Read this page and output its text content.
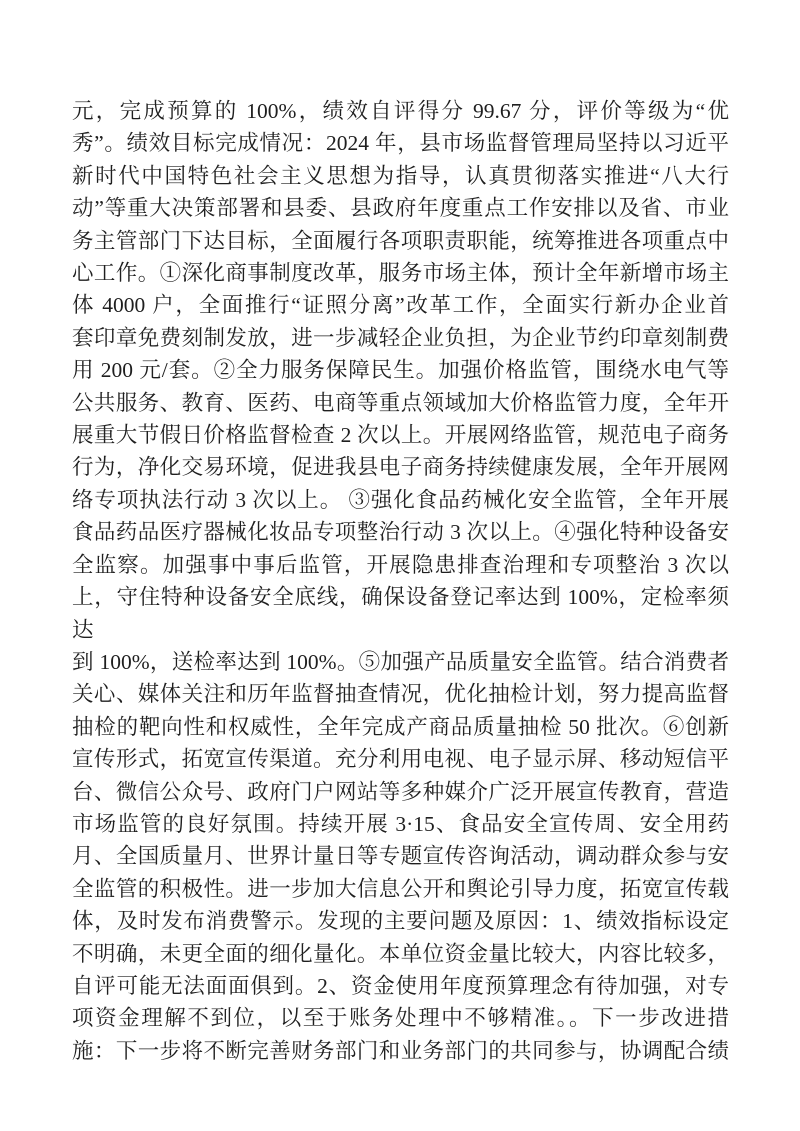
元，完成预算的 100%，绩效自评得分 99.67 分，评价等级为“优
秀”。绩效目标完成情况：2024 年，县市场监督管理局坚持以习近平
新时代中国特色社会主义思想为指导，认真贯彻落实推进“八大行
动”等重大决策部署和县委、县政府年度重点工作安排以及省、市业
务主管部门下达目标，全面履行各项职责职能，统筹推进各项重点中
心工作。①深化商事制度改革，服务市场主体，预计全年新增市场主
体 4000 户，全面推行“证照分离”改革工作，全面实行新办企业首
套印章免费刻制发放，进一步减轻企业负担，为企业节约印章刻制费
用 200 元/套。②全力服务保障民生。加强价格监管，围绕水电气等
公共服务、教育、医药、电商等重点领域加大价格监管力度，全年开
展重大节假日价格监督检查 2 次以上。开展网络监管，规范电子商务
行为，净化交易环境，促进我县电子商务持续健康发展，全年开展网
络专项执法行动 3 次以上。 ③强化食品药械化安全监管，全年开展
食品药品医疗器械化妆品专项整治行动 3 次以上。④强化特种设备安
全监察。加强事中事后监管，开展隐患排查治理和专项整治 3 次以
上，守住特种设备安全底线，确保设备登记率达到 100%，定检率须达
到 100%，送检率达到 100%。⑤加强产品质量安全监管。结合消费者
关心、媒体关注和历年监督抽查情况，优化抽检计划，努力提高监督
抽检的靶向性和权威性，全年完成产商品质量抽检 50 批次。⑥创新
宣传形式，拓宽宣传渠道。充分利用电视、电子显示屏、移动短信平
台、微信公众号、政府门户网站等多种媒介广泛开展宣传教育，营造
市场监管的良好氛围。持续开展 3·15、食品安全宣传周、安全用药
月、全国质量月、世界计量日等专题宣传咨询活动，调动群众参与安
全监管的积极性。进一步加大信息公开和舆论引导力度，拓宽宣传载
体，及时发布消费警示。发现的主要问题及原因：1、绩效指标设定
不明确，未更全面的细化量化。本单位资金量比较大，内容比较多，
自评可能无法面面俱到。2、资金使用年度预算理念有待加强，对专
项资金理解不到位，以至于账务处理中不够精准。。下一步改进措
施：下一步将不断完善财务部门和业务部门的共同参与，协调配合绩
